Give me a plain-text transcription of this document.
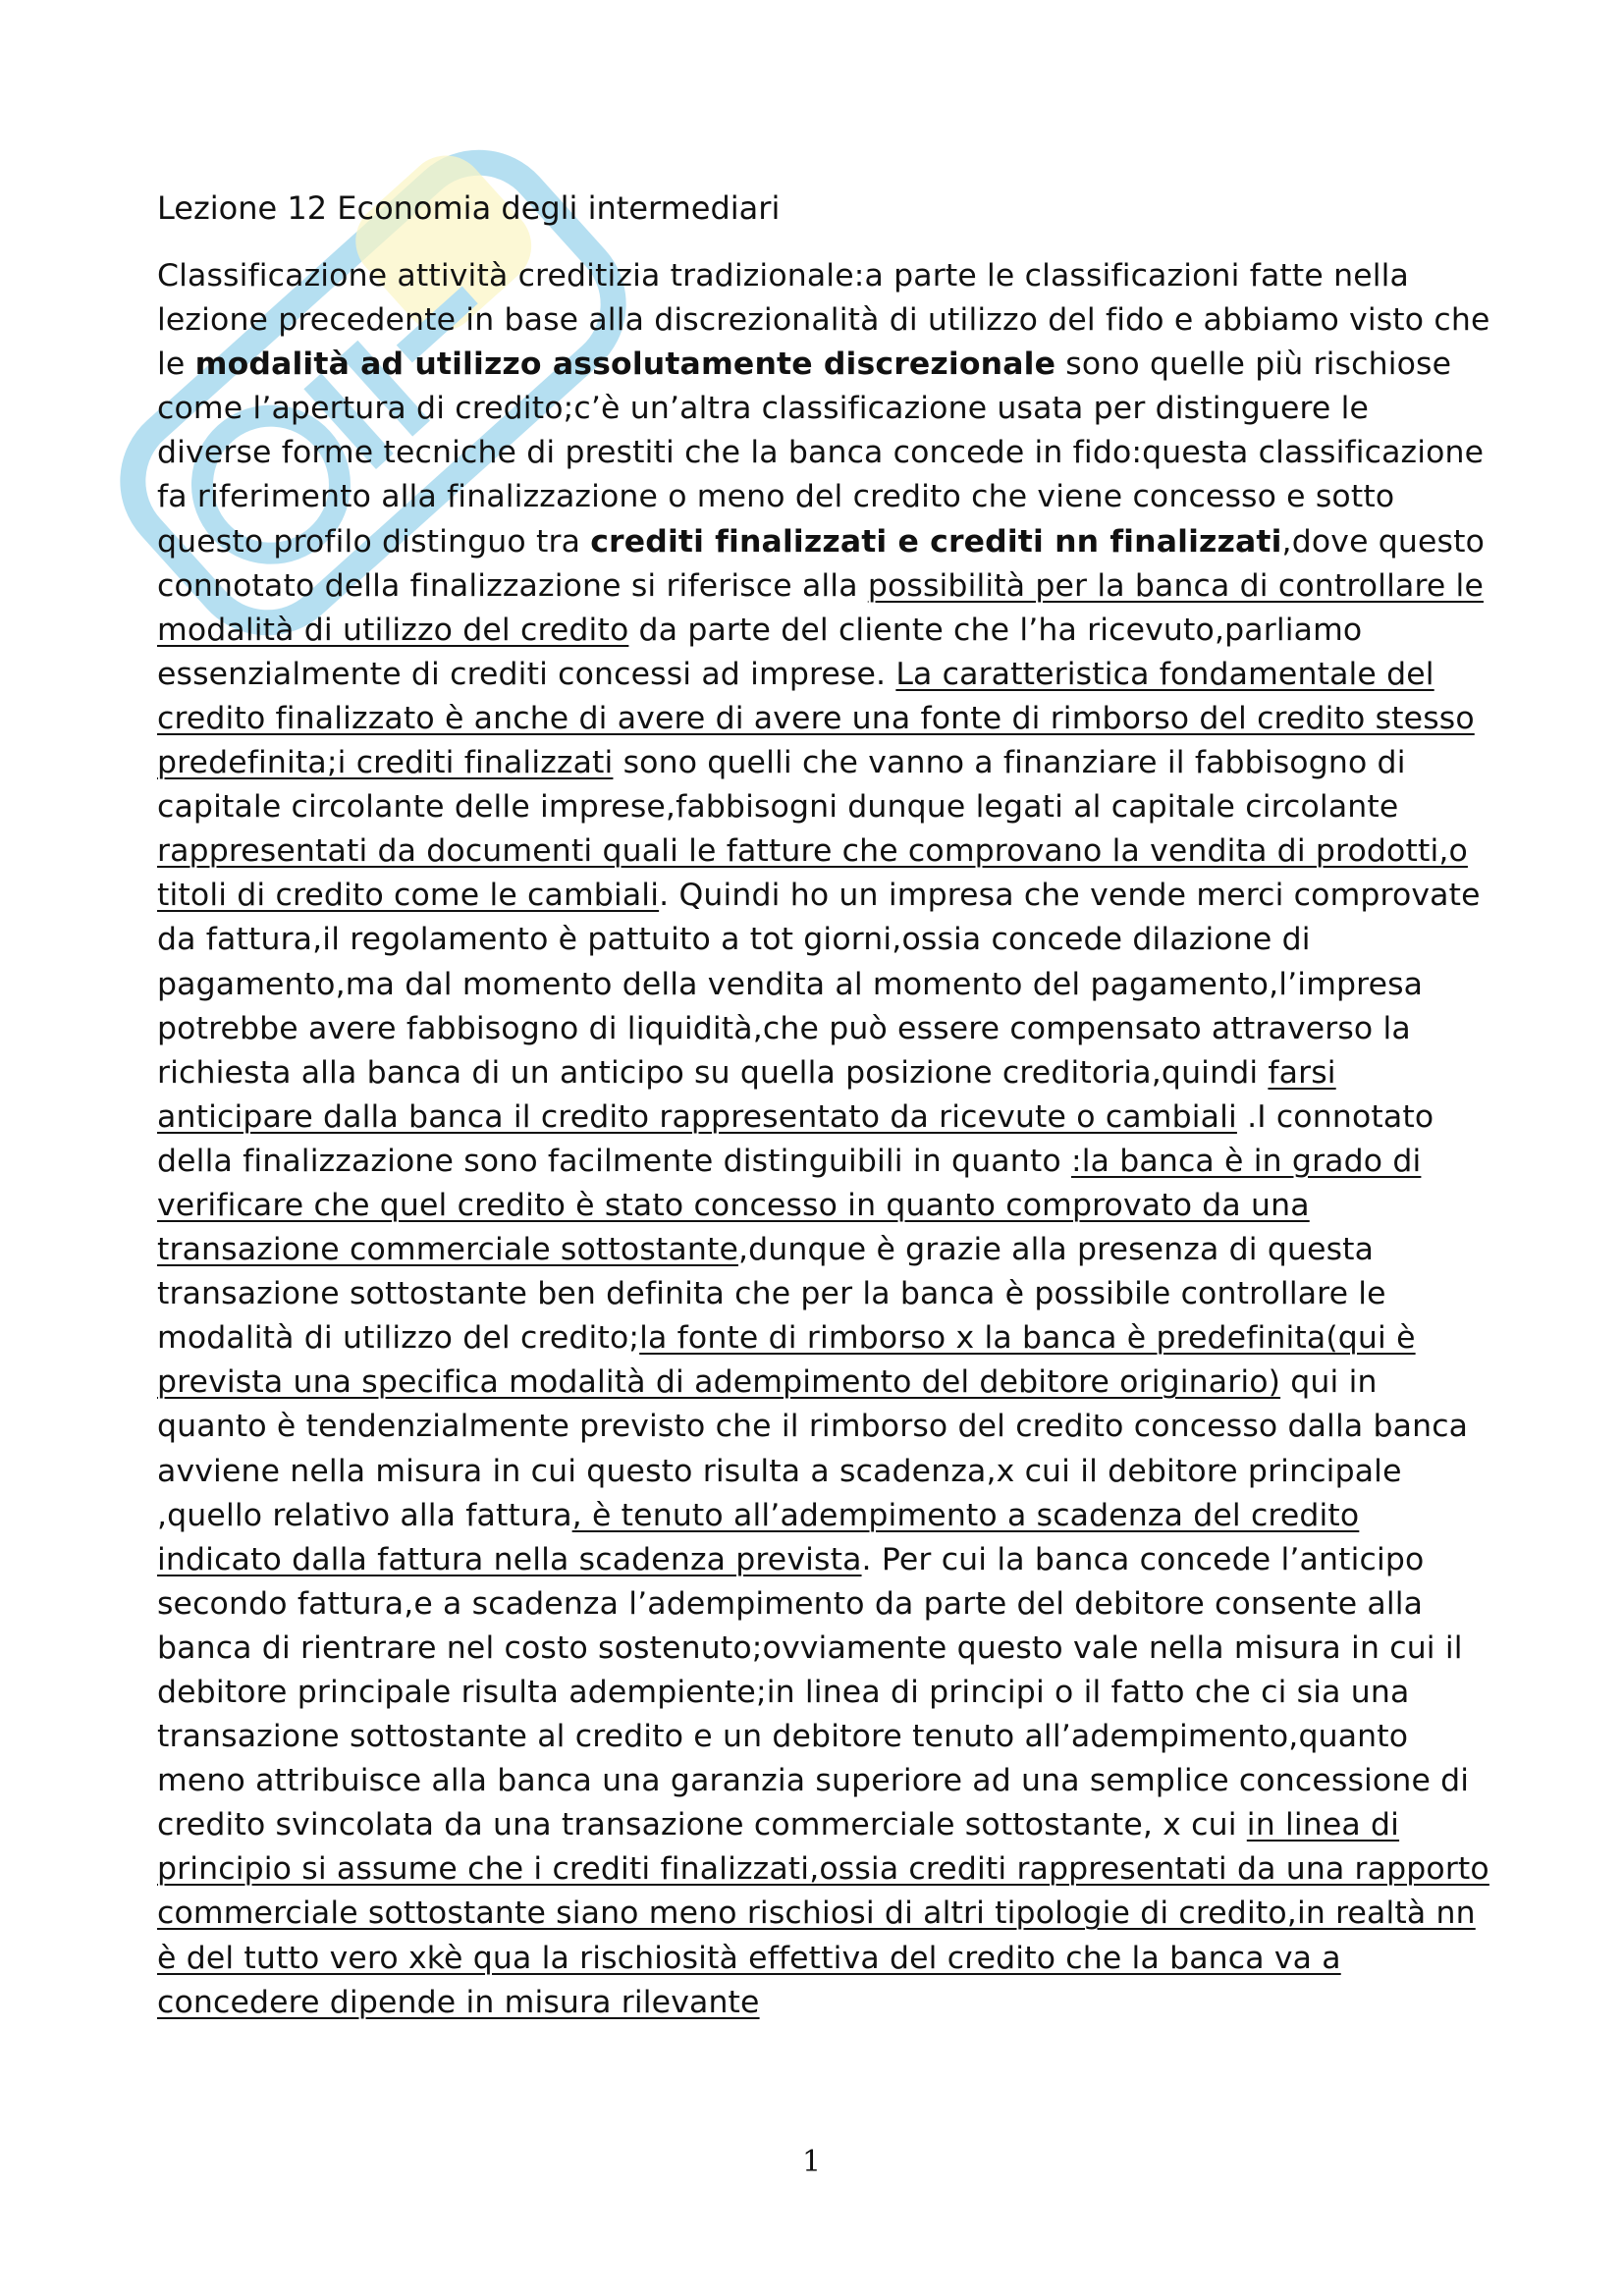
Lezione 12 Economia degli intermediari

Classificazione attività creditizia tradizionale:a parte le classificazioni fatte nella lezione precedente in base alla discrezionalità di utilizzo del fido e abbiamo visto che le modalità ad utilizzo assolutamente discrezionale sono quelle più rischiose come l’apertura di credito;c’è un’altra classificazione usata per distinguere le diverse forme tecniche di prestiti che la banca concede in fido:questa classificazione fa riferimento alla finalizzazione o meno del credito che viene concesso e sotto questo profilo distinguo tra crediti finalizzati e crediti nn finalizzati,dove questo connotato della finalizzazione si riferisce alla possibilità per la banca di controllare le modalità di utilizzo del credito da parte del cliente che l’ha ricevuto,parliamo essenzialmente di crediti concessi ad imprese. La caratteristica fondamentale del credito finalizzato è anche di avere di avere una fonte di rimborso del credito stesso predefinita;i crediti finalizzati sono quelli che vanno a finanziare il fabbisogno di capitale circolante delle imprese,fabbisogni dunque legati al capitale circolante rappresentati da documenti quali le fatture che comprovano la vendita di prodotti,o titoli di credito come le cambiali. Quindi ho un impresa che vende merci comprovate da fattura,il regolamento è pattuito a tot giorni,ossia concede dilazione di pagamento,ma dal momento della vendita al momento del pagamento,l’impresa potrebbe avere fabbisogno di liquidità,che può essere compensato attraverso la richiesta alla banca di un anticipo su quella posizione creditoria,quindi farsi anticipare dalla banca il credito rappresentato da ricevute o cambiali .I connotato della finalizzazione sono facilmente distinguibili in quanto :la banca è in grado di verificare che quel credito è stato concesso in quanto comprovato da una transazione commerciale sottostante,dunque è grazie alla presenza di questa transazione sottostante ben definita che per la banca è possibile controllare le modalità di utilizzo del credito;la fonte di rimborso x la banca è predefinita(qui è prevista una specifica modalità di adempimento del debitore originario) qui in quanto è tendenzialmente previsto che il rimborso del credito concesso dalla banca avviene nella misura in cui questo risulta a scadenza,x cui il debitore principale ,quello relativo alla fattura, è tenuto all’adempimento a scadenza del credito indicato dalla fattura nella scadenza prevista. Per cui la banca concede l’anticipo secondo fattura,e a scadenza l’adempimento da parte del debitore consente alla banca di rientrare nel costo sostenuto;ovviamente questo vale nella misura in cui il debitore principale risulta adempiente;in linea di principi o il fatto che ci sia una transazione sottostante al credito e un debitore tenuto all’adempimento,quanto meno attribuisce alla banca una garanzia superiore ad una semplice concessione di credito svincolata da una transazione commerciale sottostante, x cui in linea di principio si assume che i crediti finalizzati,ossia crediti rappresentati da una rapporto commerciale sottostante siano meno rischiosi di altri tipologie di credito,in realtà nn è del tutto vero xkè qua la rischiosità effettiva del credito che la banca va a concedere dipende in misura rilevante

1
